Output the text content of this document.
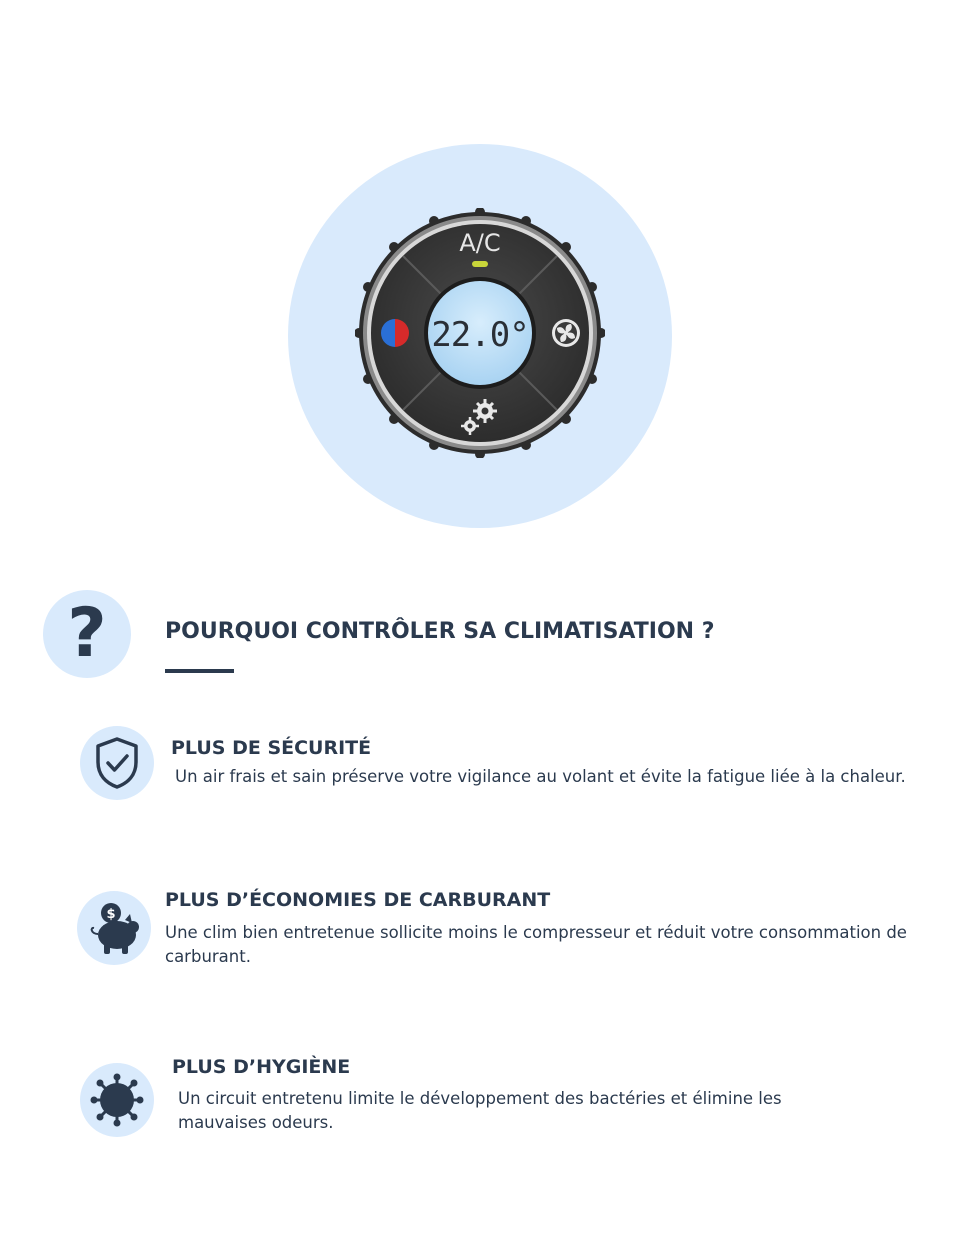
A/C
22.0°
?	POURQUOI CONTRÔLER SA CLIMATISATION ?
PLUS DE SÉCURITÉ

Un air frais et sain préserve votre vigilance au volant et évite la fatigue liée à la chaleur.

$
PLUS D’ÉCONOMIES DE CARBURANT

Une clim bien entretenue sollicite moins le compresseur et réduit votre consommation de carburant.

PLUS D’HYGIÈNE

Un circuit entretenu limite le développement des bactéries et élimine les mauvaises odeurs.
